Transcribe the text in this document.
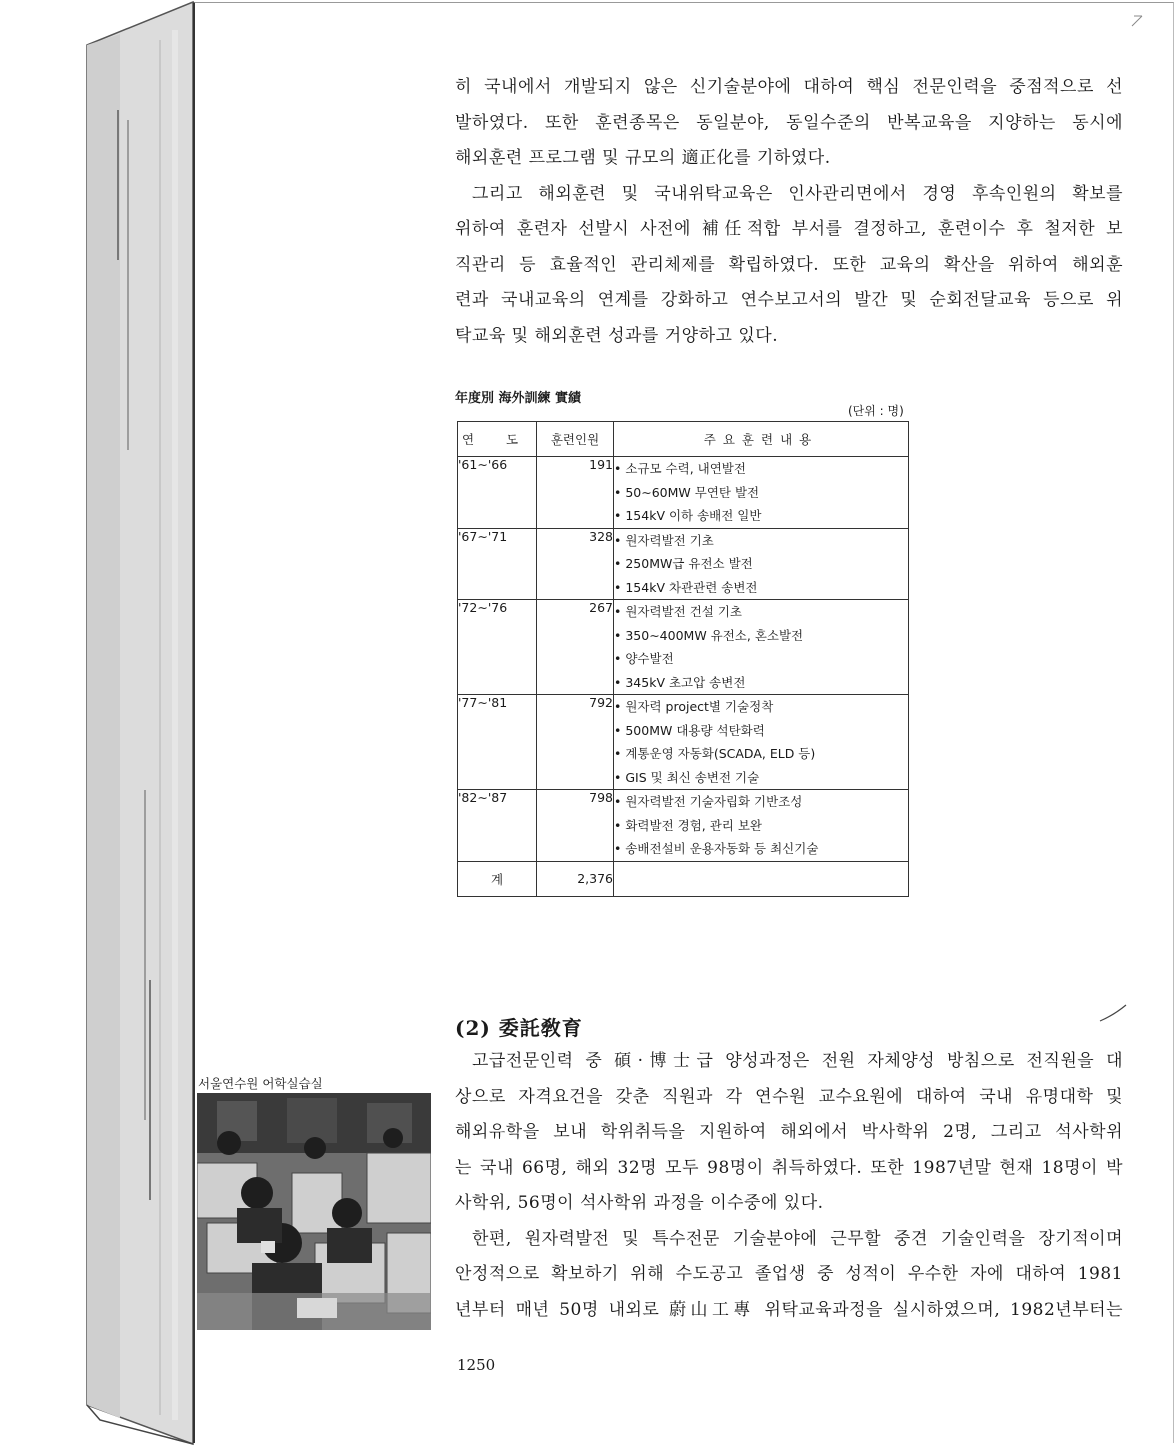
히 국내에서 개발되지 않은 신기술분야에 대하여 핵심 전문인력을 중점적으로 선

발하였다. 또한 훈련종목은 동일분야, 동일수준의 반복교육을 지양하는 동시에

해외훈련 프로그램 및 규모의 適正化를 기하였다.

그리고 해외훈련 및 국내위탁교육은 인사관리면에서 경영 후속인원의 확보를

위하여 훈련자 선발시 사전에 補任적합 부서를 결정하고, 훈련이수 후 철저한 보

직관리 등 효율적인 관리체제를 확립하였다. 또한 교육의 확산을 위하여 해외훈

련과 국내교육의 연계를 강화하고 연수보고서의 발간 및 순회전달교육 등으로 위

탁교육 및 해외훈련 성과를 거양하고 있다.

年度別 海外訓練 實績
(단위 : 명)
연 도	훈련인원	주요훈련내용
'61∼'66	191	• 소규모 수력, 내연발전
• 50∼60MW 무연탄 발전
• 154kV 이하 송배전 일반

'67∼'71	328	• 원자력발전 기초
• 250MW급 유전소 발전
• 154kV 차관관련 송변전

'72∼'76	267	• 원자력발전 건설 기초
• 350∼400MW 유전소, 혼소발전
• 양수발전
• 345kV 초고압 송변전

'77∼'81	792	• 원자력 project별 기술정착
• 500MW 대용량 석탄화력
• 계통운영 자동화(SCADA, ELD 등)
• GIS 및 최신 송변전 기술

'82∼'87	798	• 원자력발전 기술자립화 기반조성
• 화력발전 경험, 관리 보완
• 송배전설비 운용자동화 등 최신기술

계	2,376	
(2) 委託敎育

고급전문인력 중 碩·博士급 양성과정은 전원 자체양성 방침으로 전직원을 대

상으로 자격요건을 갖춘 직원과 각 연수원 교수요원에 대하여 국내 유명대학 및

해외유학을 보내 학위취득을 지원하여 해외에서 박사학위 2명, 그리고 석사학위

는 국내 66명, 해외 32명 모두 98명이 취득하였다. 또한 1987년말 현재 18명이 박

사학위, 56명이 석사학위 과정을 이수중에 있다.

한편, 원자력발전 및 특수전문 기술분야에 근무할 중견 기술인력을 장기적이며

안정적으로 확보하기 위해 수도공고 졸업생 중 성적이 우수한 자에 대하여 1981

년부터 매년 50명 내외로 蔚山工專 위탁교육과정을 실시하였으며, 1982년부터는

서울연수원 어학실습실
1250
